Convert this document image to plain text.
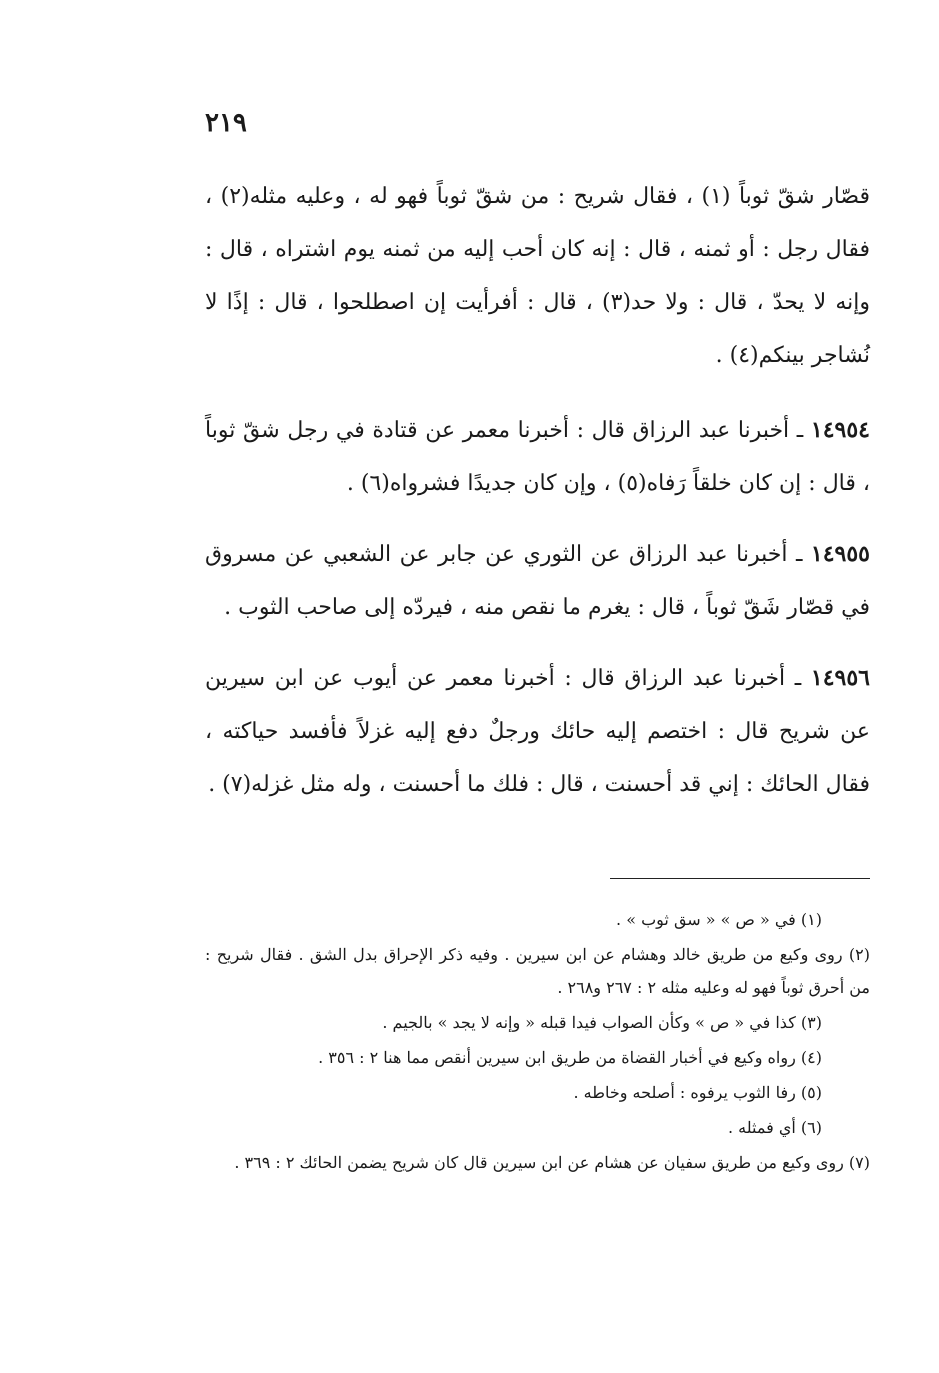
٢١٩

قصّار شقّ ثوباً (١) ، فقال شريح : من شقّ ثوباً فهو له ، وعليه مثله(٢) ، فقال رجل : أو ثمنه ، قال : إنه كان أحب إليه من ثمنه يوم اشتراه ، قال : وإنه لا يحدّ ، قال : ولا حد(٣) ، قال : أفرأيت إن اصطلحوا ، قال : إذًا لا نُشاجر بينكم(٤) .

١٤٩٥٤ ـ أخبرنا عبد الرزاق قال : أخبرنا معمر عن قتادة في رجل شقّ ثوباً ، قال : إن كان خلقاً رَفاه(٥) ، وإن كان جديدًا فشرواه(٦) .

١٤٩٥٥ ـ أخبرنا عبد الرزاق عن الثوري عن جابر عن الشعبي عن مسروق في قصّار شَقّ ثوباً ، قال : يغرم ما نقص منه ، فيردّه إلى صاحب الثوب .

١٤٩٥٦ ـ أخبرنا عبد الرزاق قال : أخبرنا معمر عن أيوب عن ابن سيرين عن شريح قال : اختصم إليه حائك ورجلٌ دفع إليه غزلاً فأفسد حياكته ، فقال الحائك : إني قد أحسنت ، قال : فلك ما أحسنت ، وله مثل غزله(٧) .

(١) في « ص » « سق ثوب » .
(٢) روى وكيع من طريق خالد وهشام عن ابن سيرين . وفيه ذكر الإحراق بدل الشق . فقال شريح : من أحرق ثوباً فهو له وعليه مثله ٢ : ٢٦٧ و٢٦٨ .
(٣) كذا في « ص » وكأن الصواب فيدا قبله « وإنه لا يجد » بالجيم .
(٤) رواه وكيع في أخبار القضاة من طريق ابن سيرين أنقص مما هنا ٢ : ٣٥٦ .
(٥) رفا الثوب يرفوه : أصلحه وخاطه .
(٦) أي فمثله .
(٧) روى وكيع من طريق سفيان عن هشام عن ابن سيرين قال كان شريح يضمن الحائك ٢ : ٣٦٩ .
